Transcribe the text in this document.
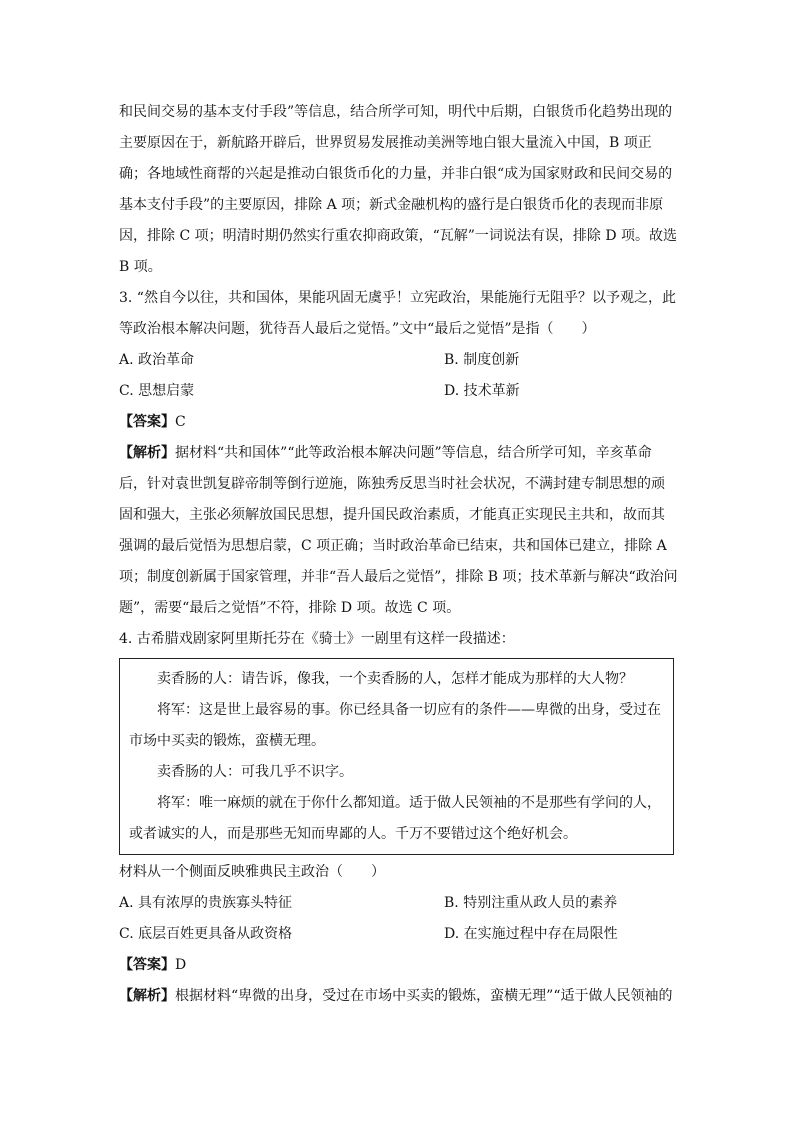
和民间交易的基本支付手段”等信息，结合所学可知，明代中后期，白银货币化趋势出现的
主要原因在于，新航路开辟后，世界贸易发展推动美洲等地白银大量流入中国，B 项正
确；各地域性商帮的兴起是推动白银货币化的力量，并非白银“成为国家财政和民间交易的
基本支付手段”的主要原因，排除 A 项；新式金融机构的盛行是白银货币化的表现而非原
因，排除 C 项；明清时期仍然实行重农抑商政策，“瓦解”一词说法有误，排除 D 项。故选
B 项。
3. “然自今以往，共和国体，果能巩固无虞乎！立宪政治，果能施行无阻乎？以予观之，此
等政治根本解决问题，犹待吾人最后之觉悟。”文中“最后之觉悟”是指（　　）
A. 政治革命	B. 制度创新
C. 思想启蒙	D. 技术革新
【答案】C
【解析】据材料“共和国体”“此等政治根本解决问题”等信息，结合所学可知，辛亥革命
后，针对袁世凯复辟帝制等倒行逆施，陈独秀反思当时社会状况，不满封建专制思想的顽
固和强大，主张必须解放国民思想，提升国民政治素质，才能真正实现民主共和，故而其
强调的最后觉悟为思想启蒙，C 项正确；当时政治革命已结束，共和国体已建立，排除 A
项；制度创新属于国家管理，并非“吾人最后之觉悟”，排除 B 项；技术革新与解决“政治问
题”，需要“最后之觉悟”不符，排除 D 项。故选 C 项。
4. 古希腊戏剧家阿里斯托芬在《骑士》一剧里有这样一段描述：
卖香肠的人：请告诉，像我，一个卖香肠的人，怎样才能成为那样的大人物？
将军：这是世上最容易的事。你已经具备一切应有的条件——卑微的出身，受过在
市场中买卖的锻炼，蛮横无理。
卖香肠的人：可我几乎不识字。
将军：唯一麻烦的就在于你什么都知道。适于做人民领袖的不是那些有学问的人，
或者诚实的人，而是那些无知而卑鄙的人。千万不要错过这个绝好机会。
材料从一个侧面反映雅典民主政治（　　）
A. 具有浓厚的贵族寡头特征	B. 特别注重从政人员的素养
C. 底层百姓更具备从政资格	D. 在实施过程中存在局限性
【答案】D
【解析】根据材料“卑微的出身，受过在市场中买卖的锻炼，蛮横无理”“适于做人民领袖的
